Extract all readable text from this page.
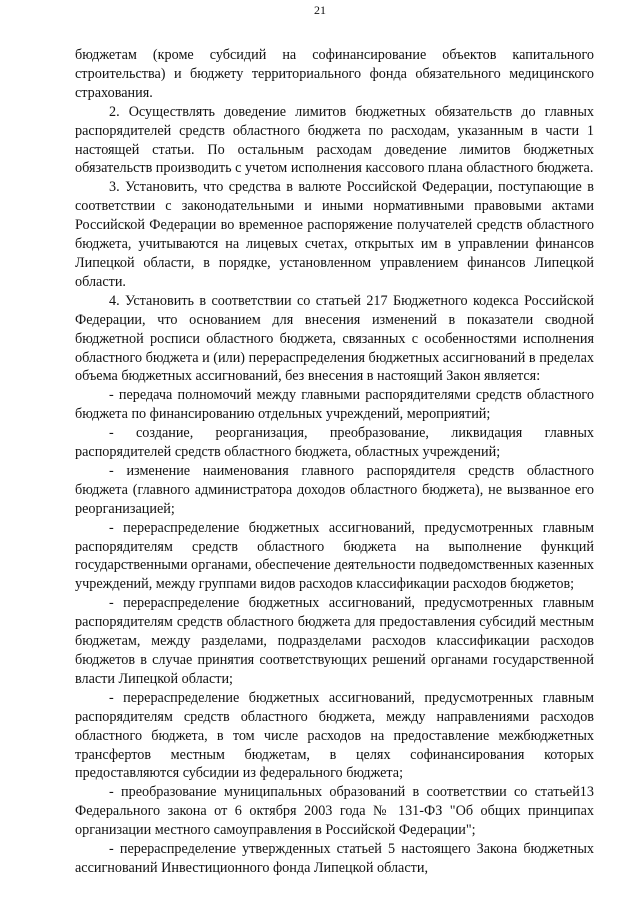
21

бюджетам (кроме субсидий на софинансирование объектов капитального строительства) и бюджету территориального фонда обязательного медицинского страхования.

2. Осуществлять доведение лимитов бюджетных обязательств до главных распорядителей средств областного бюджета по расходам, указанным в части 1 настоящей статьи. По остальным расходам доведение лимитов бюджетных обязательств производить с учетом исполнения кассового плана областного бюджета.

3. Установить, что средства в валюте Российской Федерации, поступающие в соответствии с законодательными и иными нормативными правовыми актами Российской Федерации во временное распоряжение получателей средств областного бюджета, учитываются на лицевых счетах, открытых им в управлении финансов Липецкой области, в порядке, установленном управлением финансов Липецкой области.

4. Установить в соответствии со статьей 217 Бюджетного кодекса Российской Федерации, что основанием для внесения изменений в показатели сводной бюджетной росписи областного бюджета, связанных с особенностями исполнения областного бюджета и (или) перераспределения бюджетных ассигнований в пределах объема бюджетных ассигнований, без внесения в настоящий Закон является:

- передача полномочий между главными распорядителями средств областного бюджета по финансированию отдельных учреждений, мероприятий;

- создание, реорганизация, преобразование, ликвидация главных распорядителей средств областного бюджета, областных учреждений;

- изменение наименования главного распорядителя средств областного бюджета (главного администратора доходов областного бюджета), не вызванное его реорганизацией;

- перераспределение бюджетных ассигнований, предусмотренных главным распорядителям средств областного бюджета на выполнение функций государственными органами, обеспечение деятельности подведомственных казенных учреждений, между группами видов расходов классификации расходов бюджетов;

- перераспределение бюджетных ассигнований, предусмотренных главным распорядителям средств областного бюджета для предоставления субсидий местным бюджетам, между разделами, подразделами расходов классификации расходов бюджетов в случае принятия соответствующих решений органами государственной власти Липецкой области;

- перераспределение бюджетных ассигнований, предусмотренных главным распорядителям средств областного бюджета, между направлениями расходов областного бюджета, в том числе расходов на предоставление межбюджетных трансфертов местным бюджетам, в целях софинансирования которых предоставляются субсидии из федерального бюджета;

- преобразование муниципальных образований в соответствии со статьей13 Федерального закона от 6 октября 2003 года № 131-ФЗ "Об общих принципах организации местного самоуправления в Российской Федерации";

- перераспределение утвержденных статьей 5 настоящего Закона бюджетных ассигнований Инвестиционного фонда Липецкой области,
